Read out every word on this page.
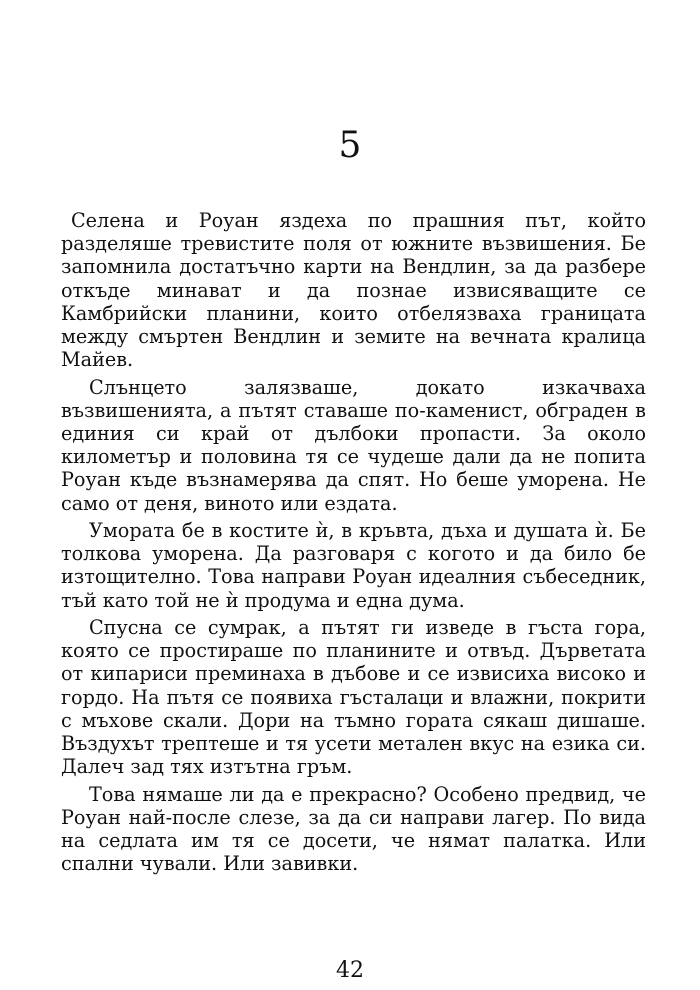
5

Селена и Роуан яздеха по прашния път, който разделяше тревистите поля от южните възвишения. Бе запомнила достатъчно карти на Вендлин, за да разбере откъде минават и да познае извисяващите се Камбрийски планини, които отбелязваха границата между смъртен Вендлин и земите на вечната кралица Майев.

Слънцето залязваше, докато изкачваха възвишенията, а пътят ставаше по-каменист, обграден в единия си край от дълбоки пропасти. За около километър и половина тя се чудеше дали да не попита Роуан къде възнамерява да спят. Но беше уморена. Не само от деня, виното или ездата.

Умората бе в костите ѝ, в кръвта, дъха и душата ѝ. Бе толкова уморена. Да разговаря с когото и да било бе изтощително. Това направи Роуан идеалния събеседник, тъй като той не ѝ продума и една дума.

Спусна се сумрак, а пътят ги изведе в гъста гора, която се простираше по планините и отвъд. Дърветата от кипариси преминаха в дъбове и се извисиха високо и гордо. На пътя се появиха гъсталаци и влажни, покрити с мъхове скали. Дори на тъмно гората сякаш дишаше. Въздухът трептеше и тя усети метален вкус на езика си. Далеч зад тях изтътна гръм.

Това нямаше ли да е прекрасно? Особено предвид, че Роуан най-после слезе, за да си направи лагер. По вида на седлата им тя се досети, че нямат палатка. Или спални чували. Или завивки.

42
